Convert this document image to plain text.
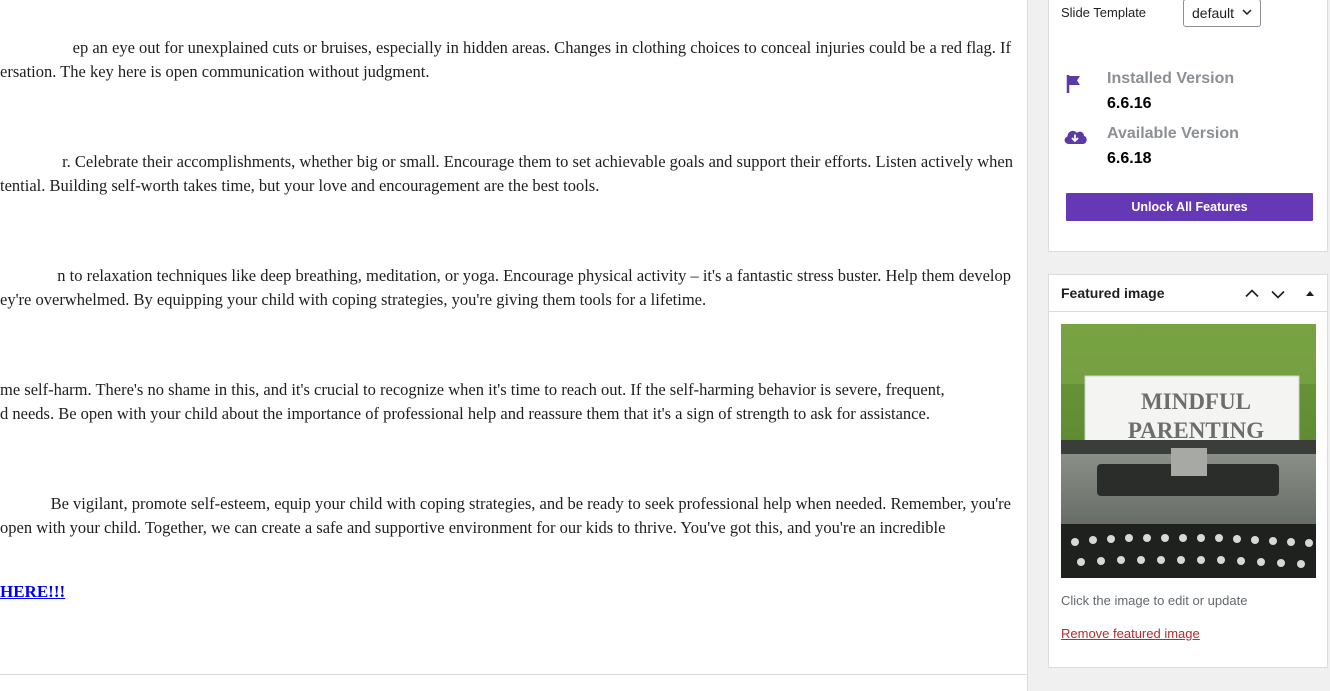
ep an eye out for unexplained cuts or bruises, especially in hidden areas. Changes in clothing choices to conceal injuries could be a red flag. If
ersation. The key here is open communication without judgment.
r. Celebrate their accomplishments, whether big or small. Encourage them to set achievable goals and support their efforts. Listen actively when
tential. Building self-worth takes time, but your love and encouragement are the best tools.
n to relaxation techniques like deep breathing, meditation, or yoga. Encourage physical activity – it's a fantastic stress buster. Help them develop
ey're overwhelmed. By equipping your child with coping strategies, you're giving them tools for a lifetime.
me self-harm. There's no shame in this, and it's crucial to recognize when it's time to reach out. If the self-harming behavior is severe, frequent,
d needs. Be open with your child about the importance of professional help and reassure them that it's a sign of strength to ask for assistance.
Be vigilant, promote self-esteem, equip your child with coping strategies, and be ready to seek professional help when needed. Remember, you're
open with your child. Together, we can create a safe and supportive environment for our kids to thrive. You've got this, and you're an incredible
HERE!!!
Slide Template	default
Installed Version
6.6.16
Available Version
6.6.18
Unlock All Features
Featured image
MINDFUL
PARENTING
Click the image to edit or update
Remove featured image
